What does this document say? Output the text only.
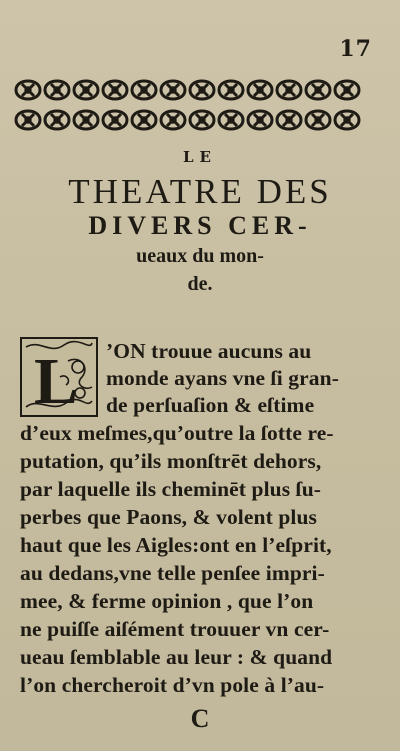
17
LE
THEATRE DES
DIVERS CER-
ueaux du mon-
de.
L ’ON trouue aucuns au
monde ayans vne ſi gran-
de perſuaſion & eſtime
d’eux meſmes,qu’outre la ſotte re-
putation, qu’ils monſtrēt dehors,
par laquelle ils cheminēt plus ſu-
perbes que Paons, & volent plus
haut que les Aigles:ont en l’eſprit,
au dedans,vne telle penſee impri-
mee, & ferme opinion , que l’on
ne puiſſe aiſément trouuer vn cer-
ueau ſemblable au leur : & quand
l’on chercheroit d’vn pole à l’au-
C
